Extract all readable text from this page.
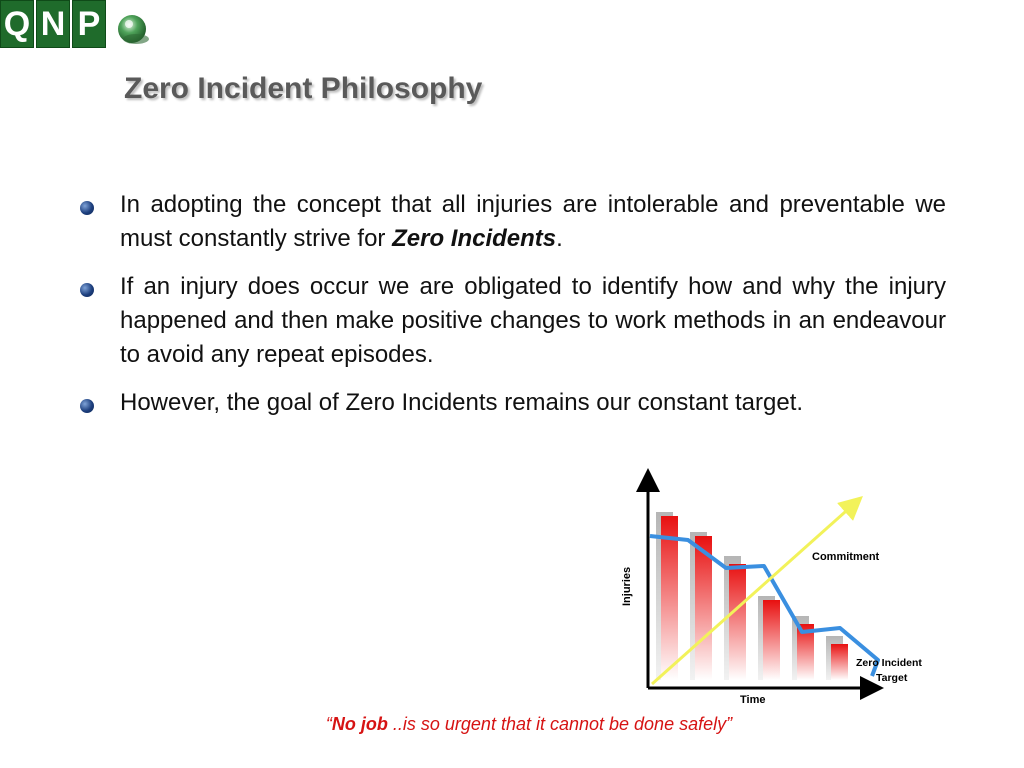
Q N P
Zero Incident Philosophy
In adopting the concept that all injuries are intolerable and preventable we must constantly strive for Zero Incidents.
If an injury does occur we are obligated to identify how and why the injury happened and then make positive changes to work methods in an endeavour to avoid any repeat episodes.
However, the goal of Zero Incidents remains our constant target.
Commitment
Zero Incident
Target
Time
Injuries
“No job ..is so urgent that it cannot be done safely”
